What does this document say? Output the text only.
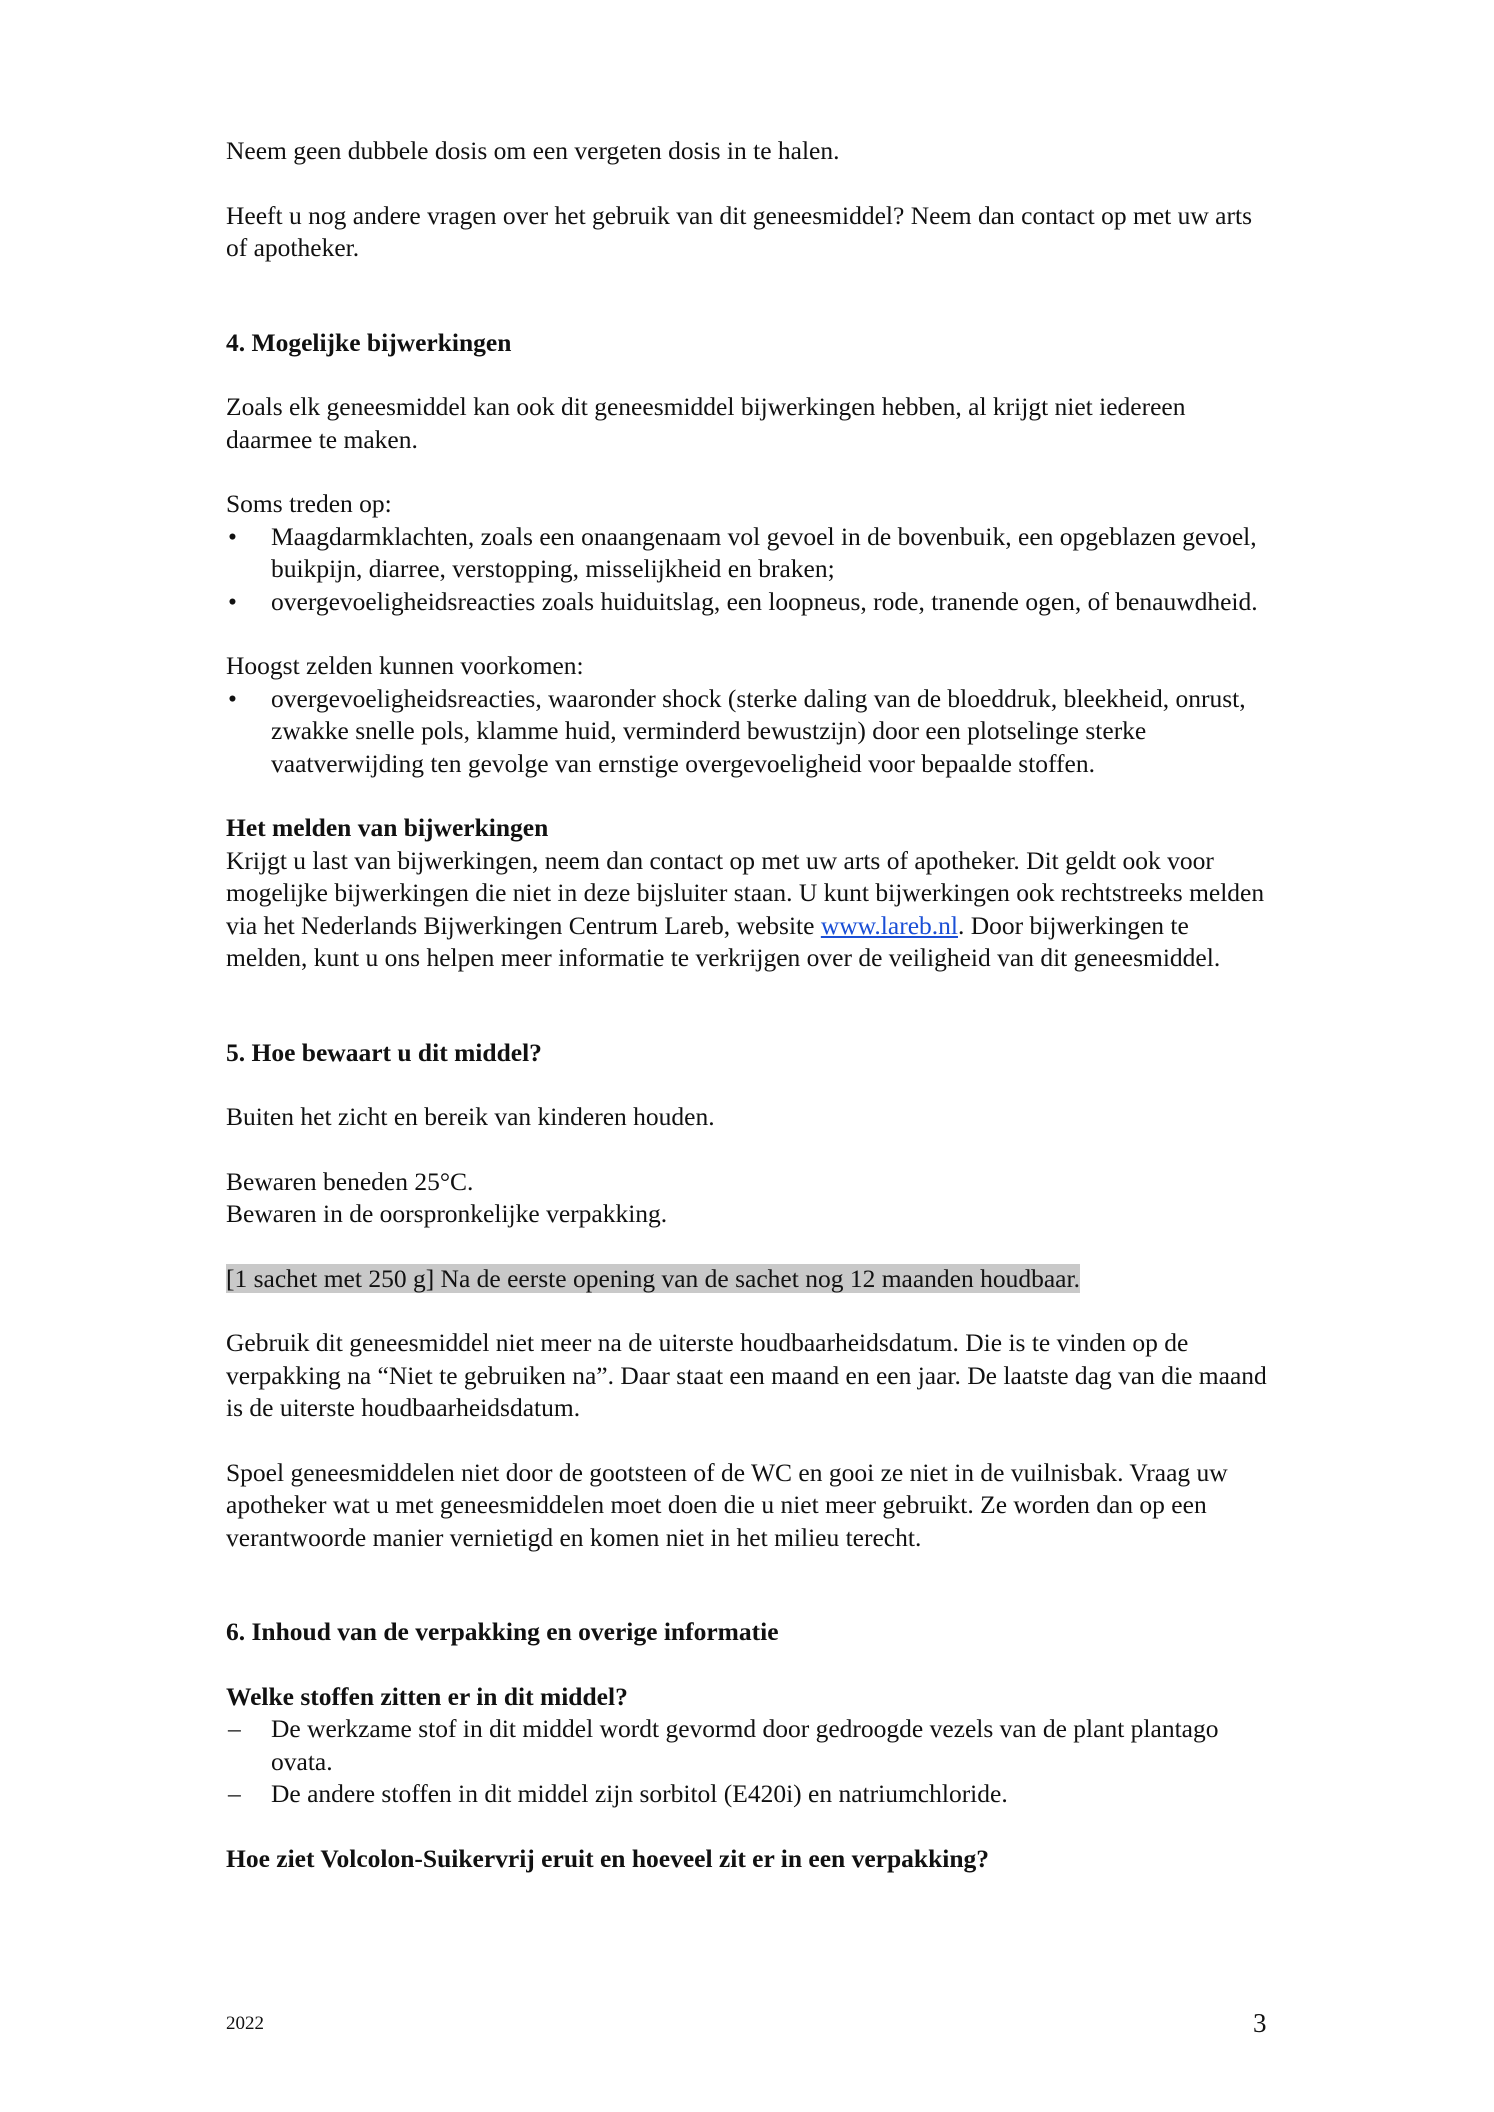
Neem geen dubbele dosis om een vergeten dosis in te halen.

Heeft u nog andere vragen over het gebruik van dit geneesmiddel? Neem dan contact op met uw arts of apotheker.

4. Mogelijke bijwerkingen

Zoals elk geneesmiddel kan ook dit geneesmiddel bijwerkingen hebben, al krijgt niet iedereen daarmee te maken.

Soms treden op:

• Maagdarmklachten, zoals een onaangenaam vol gevoel in de bovenbuik, een opgeblazen gevoel, buikpijn, diarree, verstopping, misselijkheid en braken;
• overgevoeligheidsreacties zoals huiduitslag, een loopneus, rode, tranende ogen, of benauwdheid.

Hoogst zelden kunnen voorkomen:

• overgevoeligheidsreacties, waaronder shock (sterke daling van de bloeddruk, bleekheid, onrust, zwakke snelle pols, klamme huid, verminderd bewustzijn) door een plotselinge sterke vaatverwijding ten gevolge van ernstige overgevoeligheid voor bepaalde stoffen.

Het melden van bijwerkingen

Krijgt u last van bijwerkingen, neem dan contact op met uw arts of apotheker. Dit geldt ook voor mogelijke bijwerkingen die niet in deze bijsluiter staan. U kunt bijwerkingen ook rechtstreeks melden via het Nederlands Bijwerkingen Centrum Lareb, website www.lareb.nl. Door bijwerkingen te melden, kunt u ons helpen meer informatie te verkrijgen over de veiligheid van dit geneesmiddel.

5. Hoe bewaart u dit middel?

Buiten het zicht en bereik van kinderen houden.

Bewaren beneden 25°C.

Bewaren in de oorspronkelijke verpakking.

[1 sachet met 250 g] Na de eerste opening van de sachet nog 12 maanden houdbaar.

Gebruik dit geneesmiddel niet meer na de uiterste houdbaarheidsdatum. Die is te vinden op de verpakking na “Niet te gebruiken na”. Daar staat een maand en een jaar. De laatste dag van die maand is de uiterste houdbaarheidsdatum.

Spoel geneesmiddelen niet door de gootsteen of de WC en gooi ze niet in de vuilnisbak. Vraag uw apotheker wat u met geneesmiddelen moet doen die u niet meer gebruikt. Ze worden dan op een verantwoorde manier vernietigd en komen niet in het milieu terecht.

6. Inhoud van de verpakking en overige informatie

Welke stoffen zitten er in dit middel?

– De werkzame stof in dit middel wordt gevormd door gedroogde vezels van de plant plantago ovata.
– De andere stoffen in dit middel zijn sorbitol (E420i) en natriumchloride.

Hoe ziet Volcolon-Suikervrij eruit en hoeveel zit er in een verpakking?

2022	3
